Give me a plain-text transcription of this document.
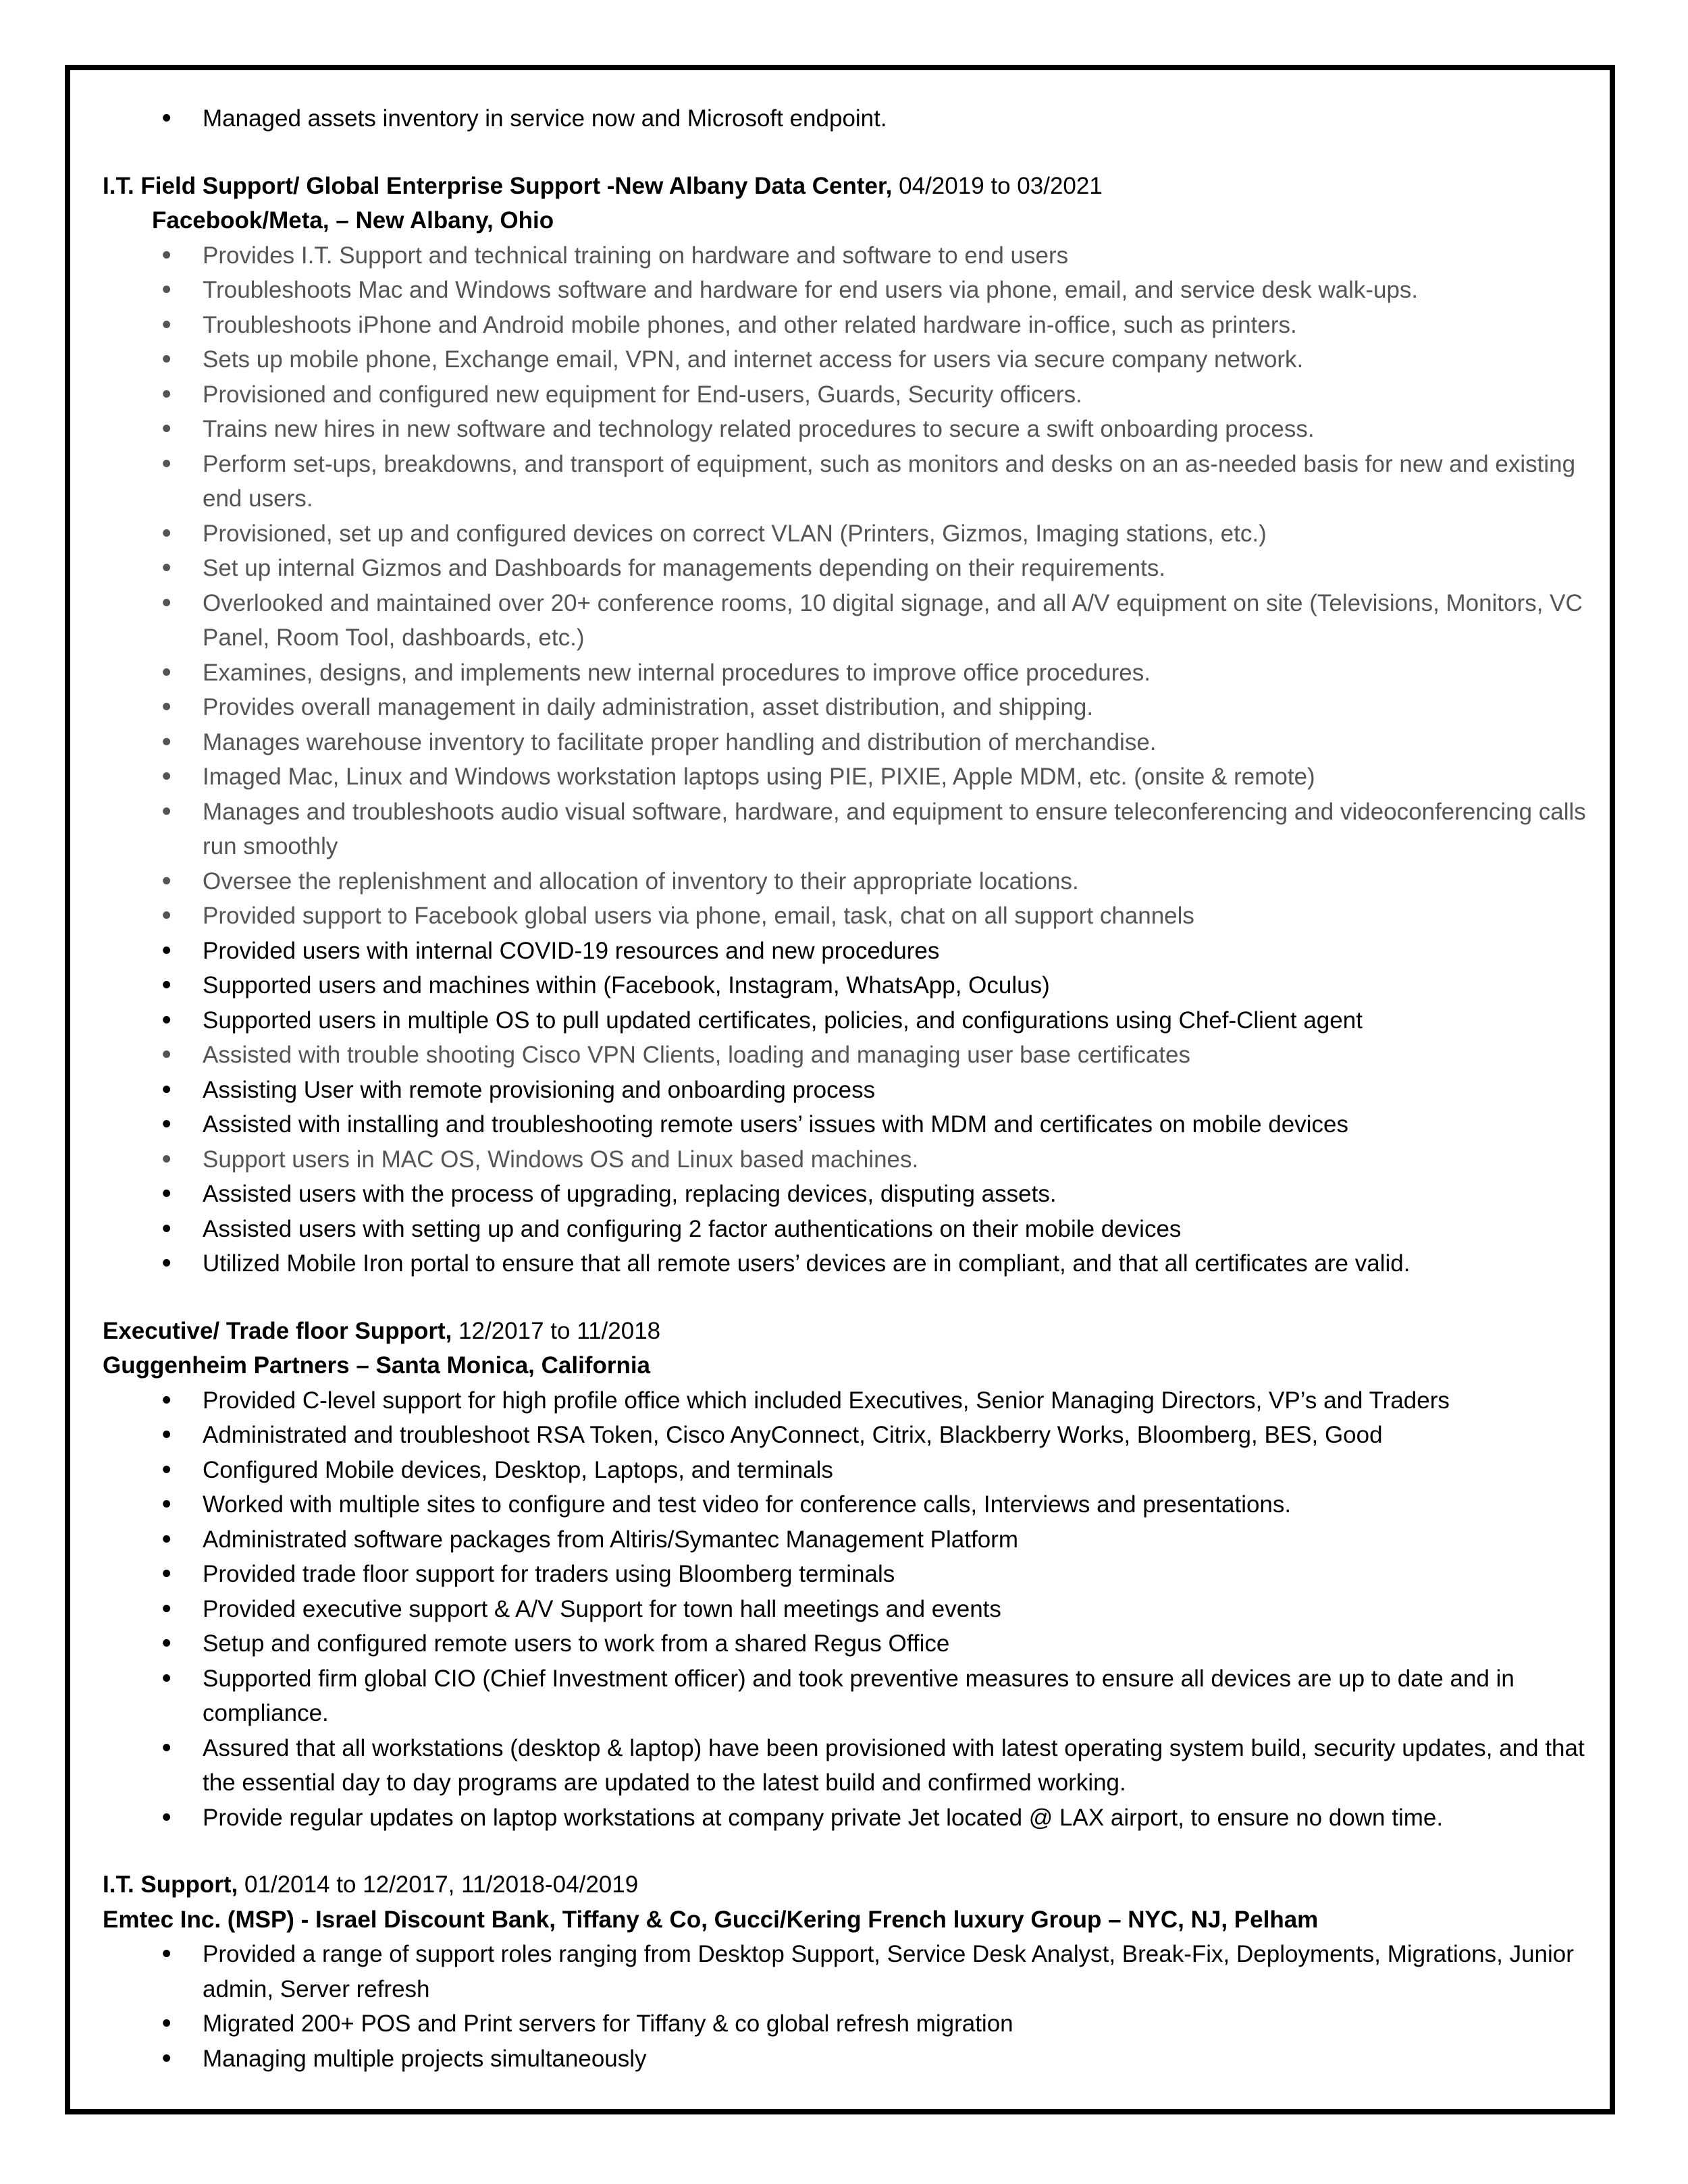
• Managed assets inventory in service now and Microsoft endpoint.
I.T. Field Support/ Global Enterprise Support -New Albany Data Center, 04/2019 to 03/2021
Facebook/Meta, – New Albany, Ohio
• Provides I.T. Support and technical training on hardware and software to end users
• Troubleshoots Mac and Windows software and hardware for end users via phone, email, and service desk walk-ups.
• Troubleshoots iPhone and Android mobile phones, and other related hardware in-office, such as printers.
• Sets up mobile phone, Exchange email, VPN, and internet access for users via secure company network.
• Provisioned and configured new equipment for End-users, Guards, Security officers.
• Trains new hires in new software and technology related procedures to secure a swift onboarding process.
• Perform set-ups, breakdowns, and transport of equipment, such as monitors and desks on an as-needed basis for new and existing end users.
• Provisioned, set up and configured devices on correct VLAN (Printers, Gizmos, Imaging stations, etc.)
• Set up internal Gizmos and Dashboards for managements depending on their requirements.
• Overlooked and maintained over 20+ conference rooms, 10 digital signage, and all A/V equipment on site (Televisions, Monitors, VC Panel, Room Tool, dashboards, etc.)
• Examines, designs, and implements new internal procedures to improve office procedures.
• Provides overall management in daily administration, asset distribution, and shipping.
• Manages warehouse inventory to facilitate proper handling and distribution of merchandise.
• Imaged Mac, Linux and Windows workstation laptops using PIE, PIXIE, Apple MDM, etc. (onsite & remote)
• Manages and troubleshoots audio visual software, hardware, and equipment to ensure teleconferencing and videoconferencing calls run smoothly
• Oversee the replenishment and allocation of inventory to their appropriate locations.
• Provided support to Facebook global users via phone, email, task, chat on all support channels
• Provided users with internal COVID-19 resources and new procedures
• Supported users and machines within (Facebook, Instagram, WhatsApp, Oculus)
• Supported users in multiple OS to pull updated certificates, policies, and configurations using Chef-Client agent
• Assisted with trouble shooting Cisco VPN Clients, loading and managing user base certificates
• Assisting User with remote provisioning and onboarding process
• Assisted with installing and troubleshooting remote users’ issues with MDM and certificates on mobile devices
• Support users in MAC OS, Windows OS and Linux based machines.
• Assisted users with the process of upgrading, replacing devices, disputing assets.
• Assisted users with setting up and configuring 2 factor authentications on their mobile devices
• Utilized Mobile Iron portal to ensure that all remote users’ devices are in compliant, and that all certificates are valid.
Executive/ Trade floor Support, 12/2017 to 11/2018
Guggenheim Partners – Santa Monica, California
• Provided C-level support for high profile office which included Executives, Senior Managing Directors, VP’s and Traders
• Administrated and troubleshoot RSA Token, Cisco AnyConnect, Citrix, Blackberry Works, Bloomberg, BES, Good
• Configured Mobile devices, Desktop, Laptops, and terminals
• Worked with multiple sites to configure and test video for conference calls, Interviews and presentations.
• Administrated software packages from Altiris/Symantec Management Platform
• Provided trade floor support for traders using Bloomberg terminals
• Provided executive support & A/V Support for town hall meetings and events
• Setup and configured remote users to work from a shared Regus Office
• Supported firm global CIO (Chief Investment officer) and took preventive measures to ensure all devices are up to date and in compliance.
• Assured that all workstations (desktop & laptop) have been provisioned with latest operating system build, security updates, and that the essential day to day programs are updated to the latest build and confirmed working.
• Provide regular updates on laptop workstations at company private Jet located @ LAX airport, to ensure no down time.
I.T. Support, 01/2014 to 12/2017, 11/2018-04/2019
Emtec Inc. (MSP) - Israel Discount Bank, Tiffany & Co, Gucci/Kering French luxury Group – NYC, NJ, Pelham
• Provided a range of support roles ranging from Desktop Support, Service Desk Analyst, Break-Fix, Deployments, Migrations, Junior admin, Server refresh
• Migrated 200+ POS and Print servers for Tiffany & co global refresh migration
• Managing multiple projects simultaneously
